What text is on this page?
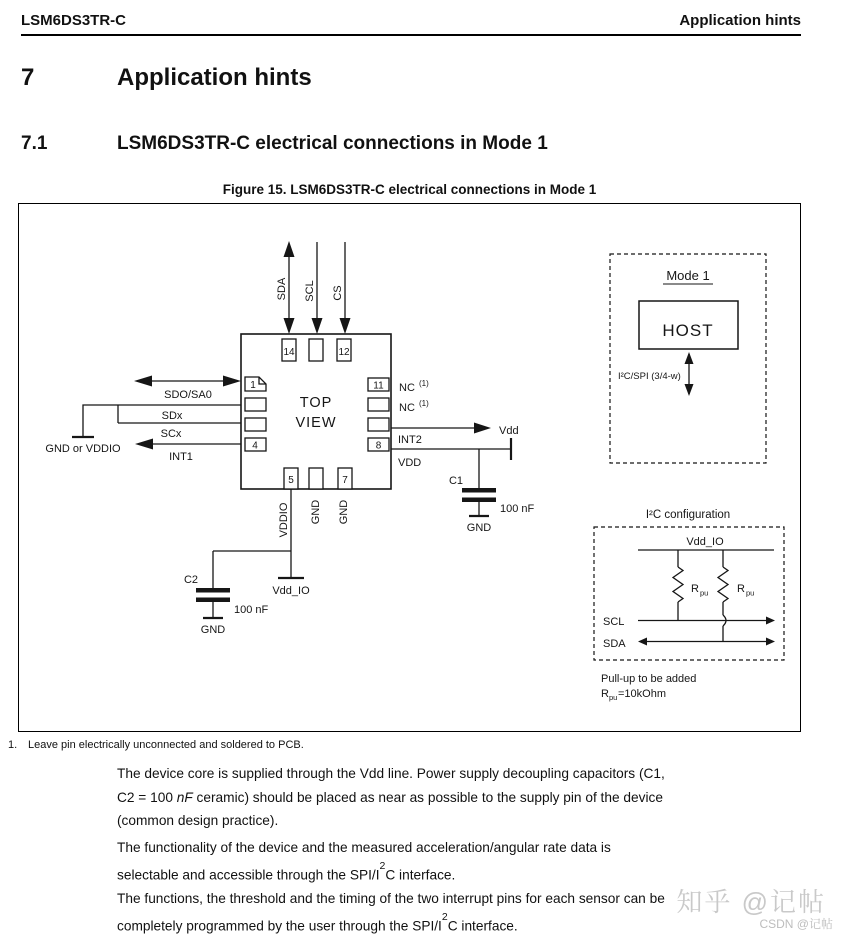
LSM6DS3TR-C	Application hints
7	Application hints
7.1	LSM6DS3TR-C electrical connections in Mode 1
Figure 15. LSM6DS3TR-C electrical connections in Mode 1
SDA SCL CS
TOP
VIEW
14	12
1
4
11
8
5	7
SDO/SA0
GND or VDDIO
SDx
SCx
INT1
NC (1)
NC (1)
INT2
Vdd
VDD
C1
100 nF
GND
Vdd_IO
VDDIO GND GND
C2
100 nF
GND
Mode 1
HOST
I²C/SPI (3/4-w)
LSM6DS3TR-C
I²C configuration
Vdd_IO
R pu	R pu
SCL
SDA
Pull-up to be added
R pu =10kOhm
1. Leave pin electrically unconnected and soldered to PCB.
The device core is supplied through the Vdd line. Power supply decoupling capacitors (C1,
C2 = 100 nF ceramic) should be placed as near as possible to the supply pin of the device
(common design practice).
The functionality of the device and the measured acceleration/angular rate data is
selectable and accessible through the SPI/$I^2C$ interface.
The functions, the threshold and the timing of the two interrupt pins for each sensor can be
completely programmed by the user through the SPI/$I^2C$ interface.
知乎 @记帖
CSDN @记帖
